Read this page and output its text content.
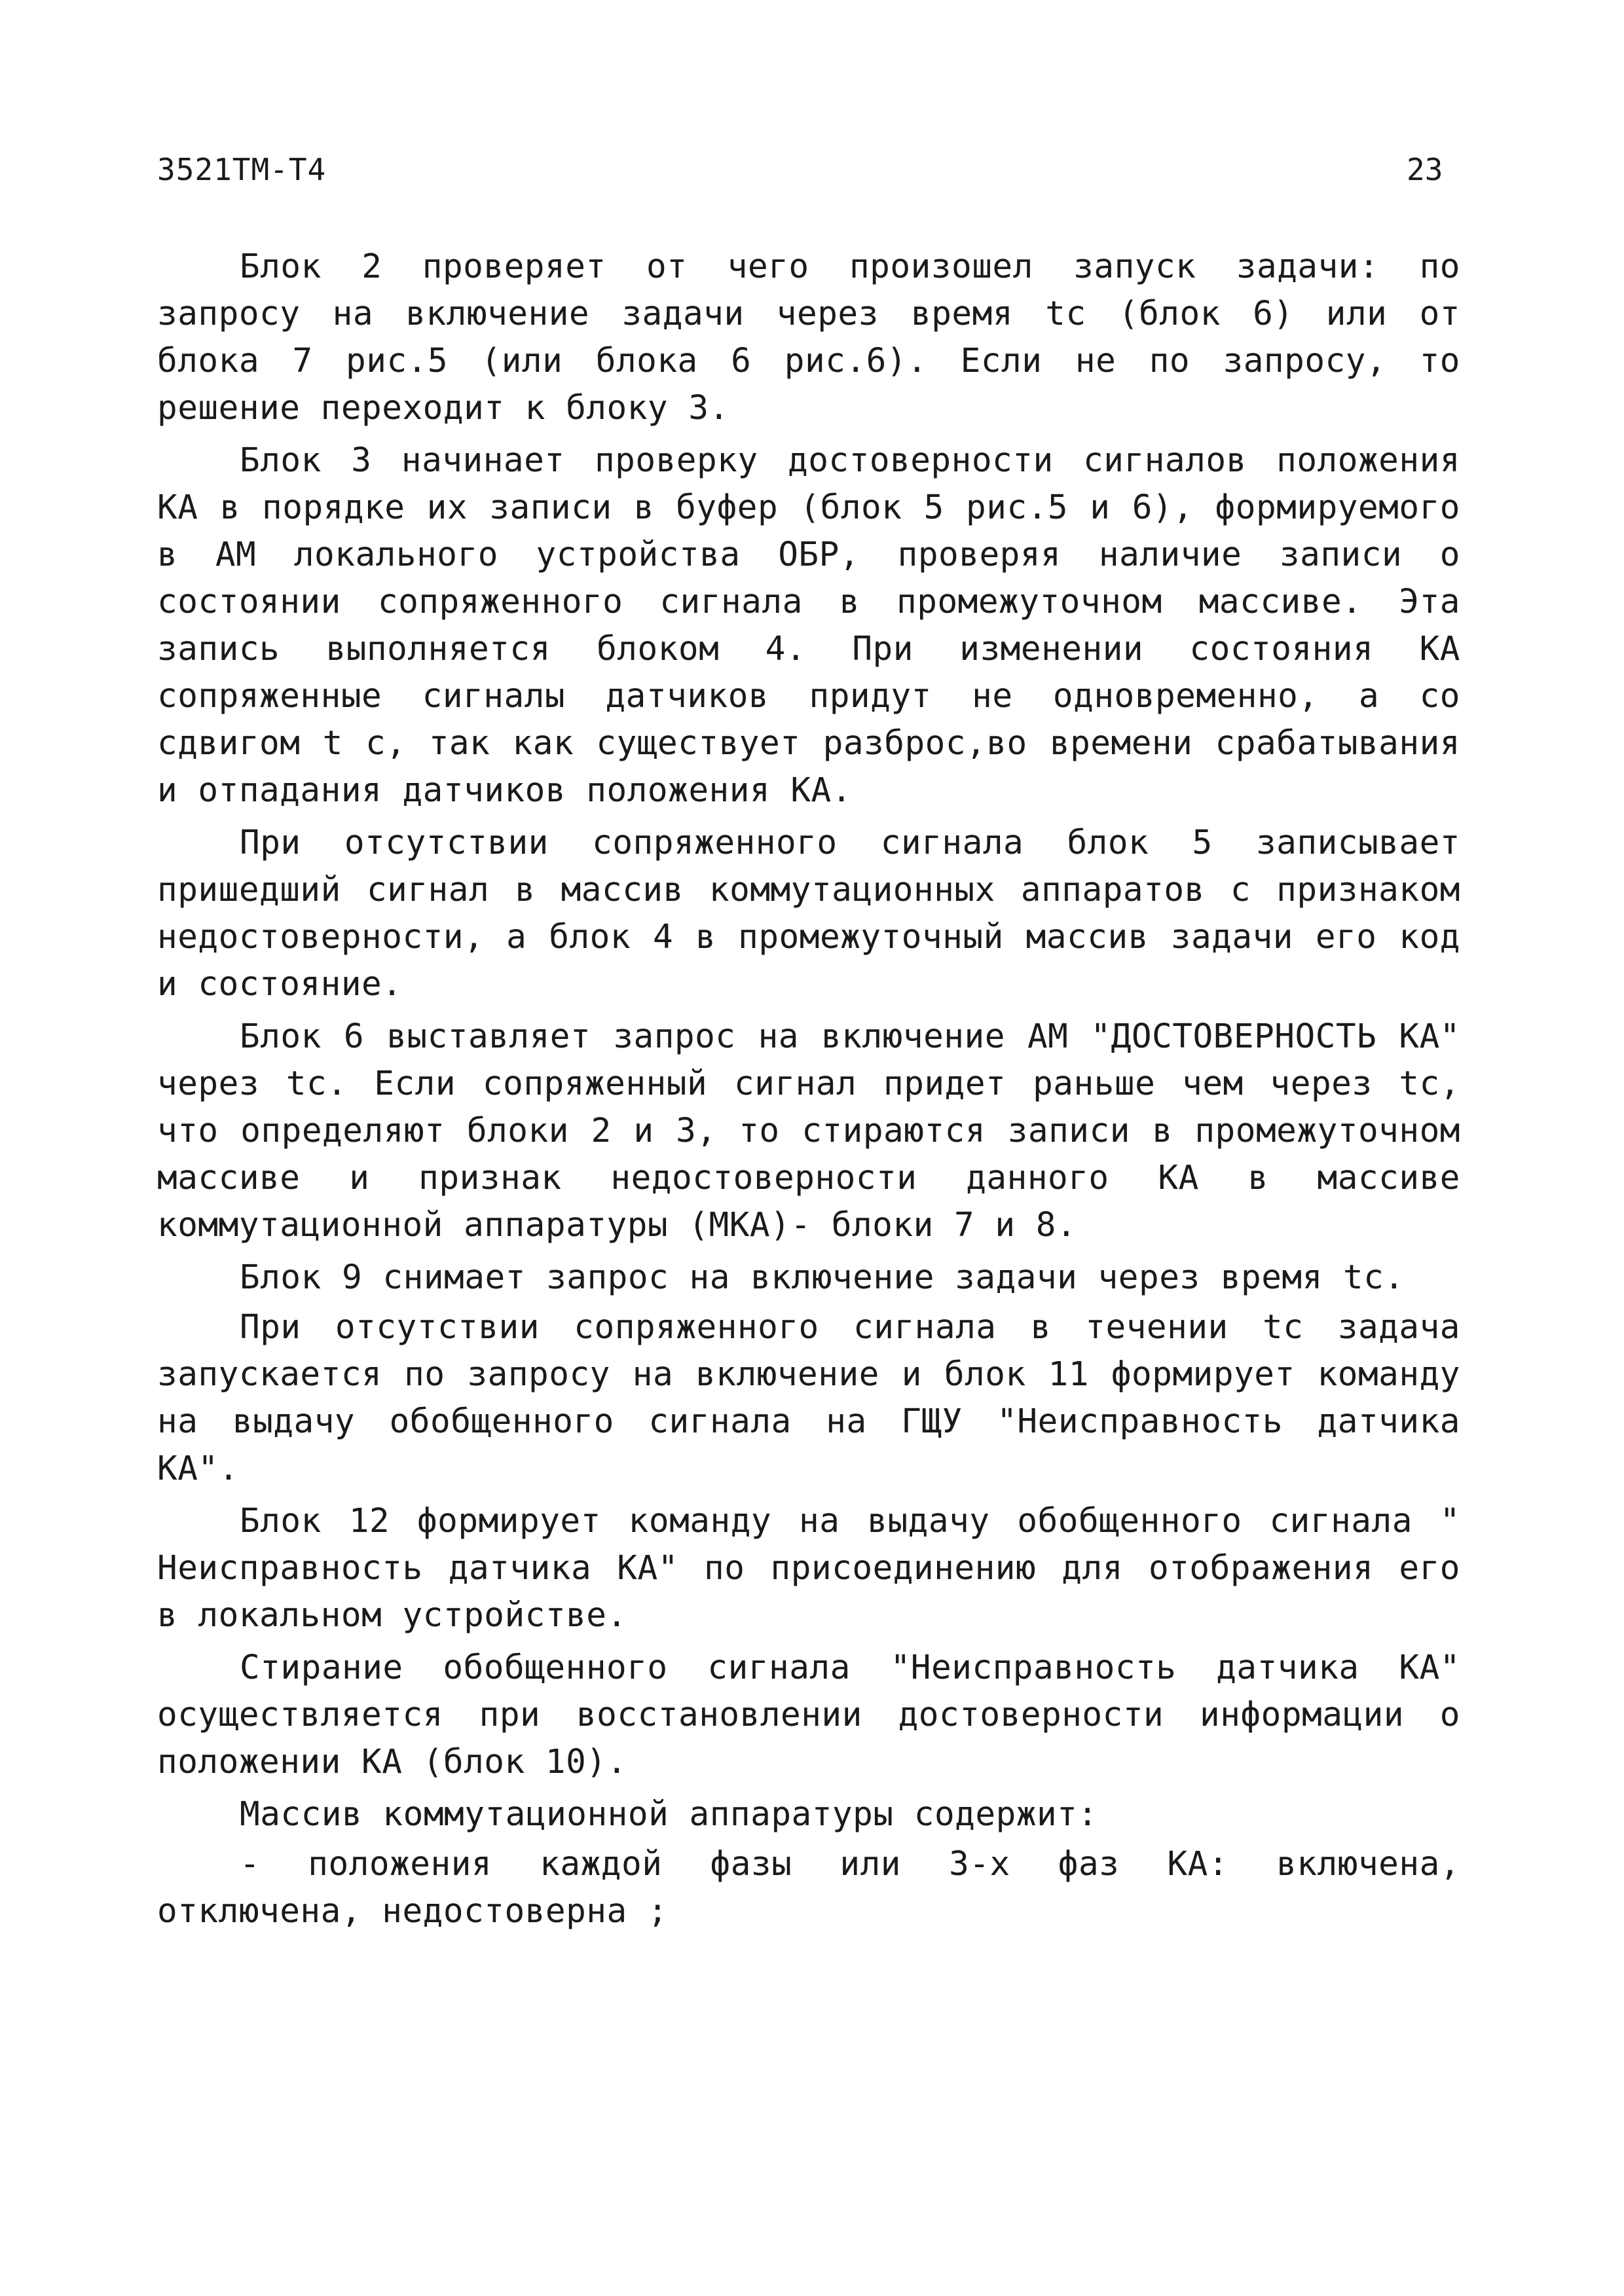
3521ТМ-Т4	23

Блок 2 проверяет от чего произошел запуск задачи: по запросу на включение задачи через время tс (блок 6) или от блока 7 рис.5 (или блока 6 рис.6). Если не по запросу, то решение переходит к блоку 3.

Блок 3 начинает проверку достоверности сигналов положения КА в порядке их записи в буфер (блок 5 рис.5 и 6), формируемого в АМ локального устройства ОБР, проверяя наличие записи о состоянии сопряженного сигнала в промежуточном массиве. Эта запись выполняется блоком 4. При изменении состояния КА сопряженные сигналы датчиков придут не одновременно, а со сдвигом t с, так как существует разброс,во времени срабатывания и отпадания датчиков положения КА.

При отсутствии сопряженного сигнала блок 5 записывает пришедший сигнал в массив коммутационных аппаратов с признаком недостоверности, а блок 4 в промежуточный массив задачи его код и состояние.

Блок 6 выставляет запрос на включение АМ "ДОСТОВЕРНОСТЬ КА" через tс. Если сопряженный сигнал придет раньше чем через tс, что определяют блоки 2 и 3, то стираются записи в промежуточном массиве и признак недостоверности данного КА в массиве коммутационной аппаратуры (МКА)- блоки 7 и 8.

Блок 9 снимает запрос на включение задачи через время tс.

При отсутствии сопряженного сигнала в течении tс задача запускается по запросу на включение и блок 11 формирует команду на выдачу обобщенного сигнала на ГЩУ "Неисправность датчика КА".

Блок 12 формирует команду на выдачу обобщенного сигнала " Неисправность датчика КА" по присоединению для отображения его в локальном устройстве.

Стирание обобщенного сигнала "Неисправность датчика КА" осуществляется при восстановлении достоверности информации о положении КА (блок 10).

Массив коммутационной аппаратуры содержит:

- положения каждой фазы или 3-х фаз КА: включена, отключена, недостоверна ;
